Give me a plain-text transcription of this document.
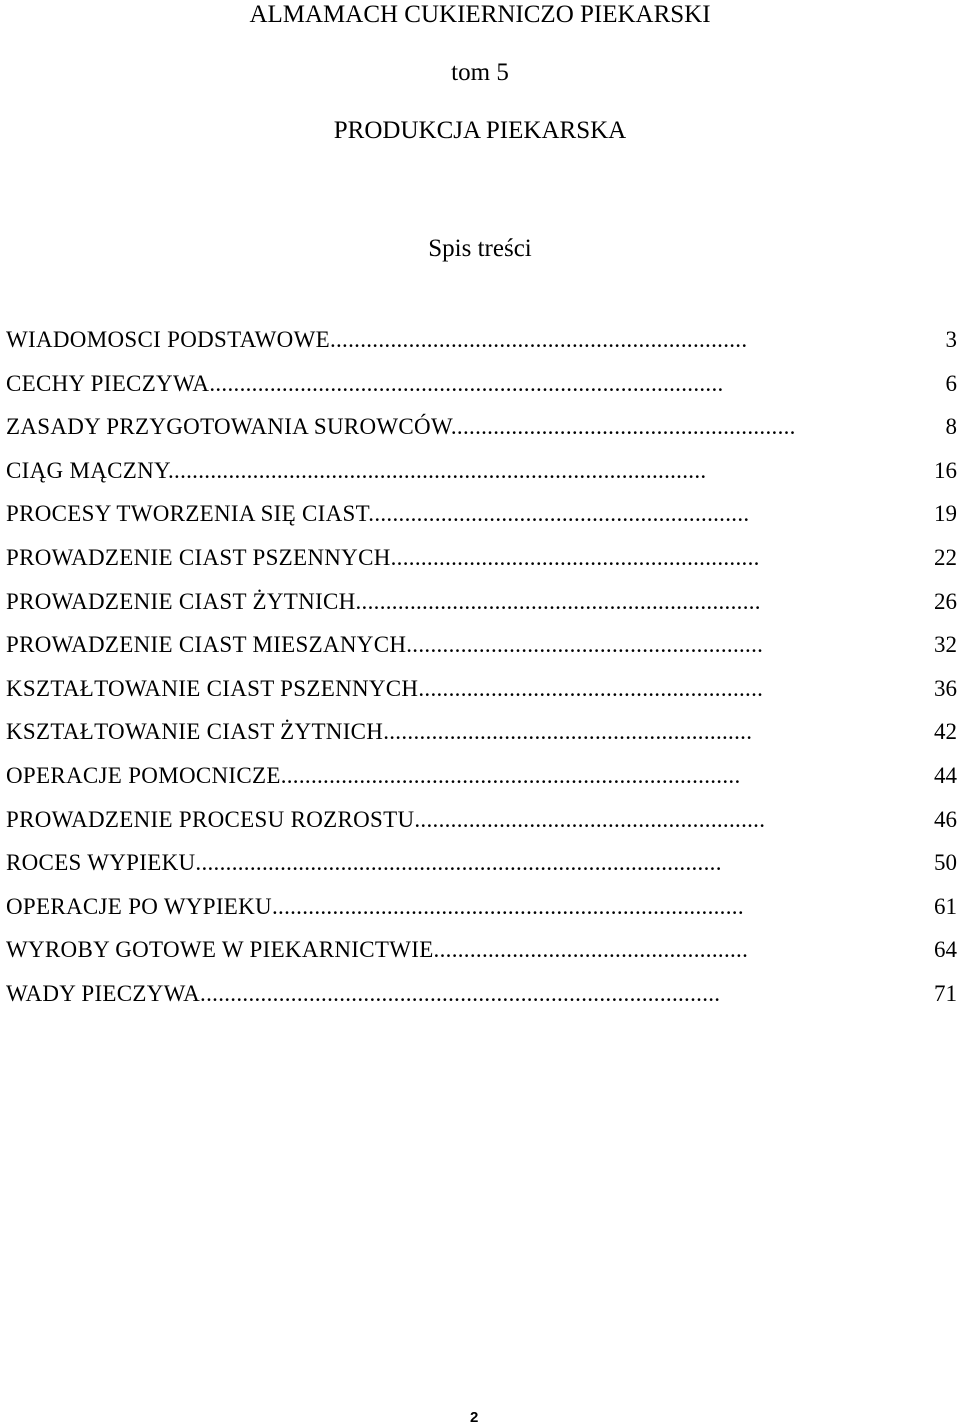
ALMAMACH CUKIERNICZO PIEKARSKI
tom 5
PRODUKCJA PIEKARSKA
Spis treści
WIADOMOSCI PODSTAWOWE.....................................................................	3
CECHY PIECZYWA.....................................................................................	6
ZASADY PRZYGOTOWANIA SUROWCÓW.........................................................	8
CIĄG MĄCZNY.........................................................................................	16
PROCESY TWORZENIA SIĘ CIAST...............................................................	19
PROWADZENIE CIAST PSZENNYCH.............................................................	22
PROWADZENIE CIAST ŻYTNICH...................................................................	26
PROWADZENIE CIAST MIESZANYCH...........................................................	32
KSZTAŁTOWANIE CIAST PSZENNYCH.........................................................	36
KSZTAŁTOWANIE CIAST ŻYTNICH.............................................................	42
OPERACJE POMOCNICZE............................................................................	44
PROWADZENIE PROCESU ROZROSTU..........................................................	46
ROCES WYPIEKU.......................................................................................	50
OPERACJE PO WYPIEKU..............................................................................	61
WYROBY GOTOWE W PIEKARNICTWIE....................................................	64
WADY PIECZYWA......................................................................................	71
2
